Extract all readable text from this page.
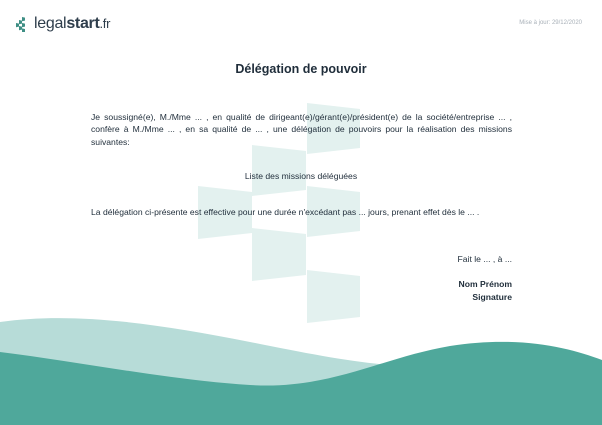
legalstart.fr	Mise à jour: 29/12/2020
Délégation de pouvoir
Je soussigné(e), M./Mme ... , en qualité de dirigeant(e)/gérant(e)/président(e) de la société/entreprise ... , confère à M./Mme ... , en sa qualité de ... , une délégation de pouvoirs pour la réalisation des missions suivantes:
Liste des missions déléguées
La délégation ci-présente est effective pour une durée n'excédant pas ... jours, prenant effet dès le ... .
Fait le ... , à ...
Nom Prénom
Signature
